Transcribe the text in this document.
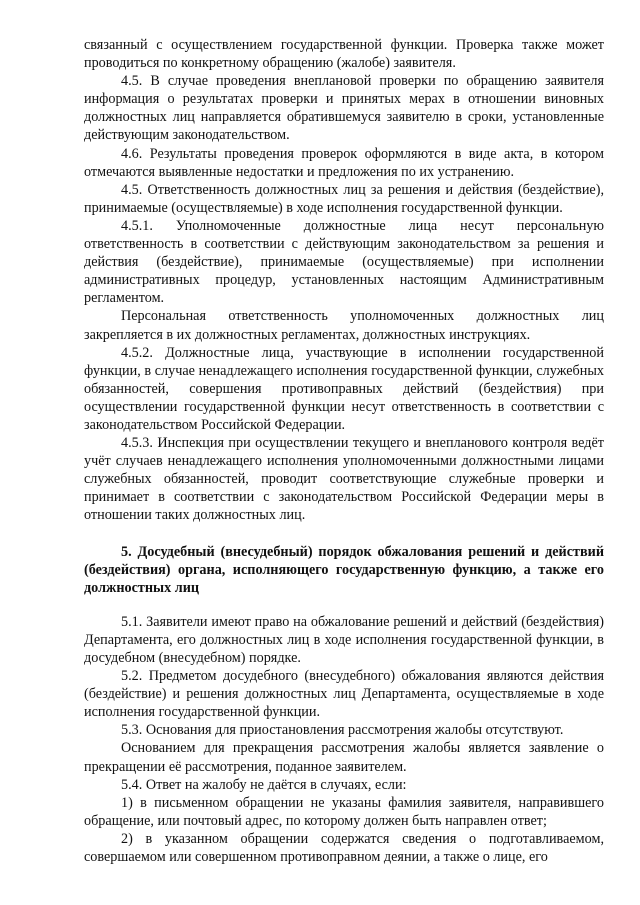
связанный с осуществлением государственной функции. Проверка также может проводиться по конкретному обращению (жалобе) заявителя.

4.5. В случае проведения внеплановой проверки по обращению заявителя информация о результатах проверки и принятых мерах в отношении виновных должностных лиц направляется обратившемуся заявителю в сроки, установленные действующим законодательством.

4.6. Результаты проведения проверок оформляются в виде акта, в котором отмечаются выявленные недостатки и предложения по их устранению.

4.5. Ответственность должностных лиц за решения и действия (бездействие), принимаемые (осуществляемые) в ходе исполнения государственной функции.

4.5.1. Уполномоченные должностные лица несут персональную ответственность в соответствии с действующим законодательством за решения и действия (бездействие), принимаемые (осуществляемые) при исполнении административных процедур, установленных настоящим Административным регламентом.

Персональная ответственность уполномоченных должностных лиц закрепляется в их должностных регламентах, должностных инструкциях.

4.5.2. Должностные лица, участвующие в исполнении государственной функции, в случае ненадлежащего исполнения государственной функции, служебных обязанностей, совершения противоправных действий (бездействия) при осуществлении государственной функции несут ответственность в соответствии с законодательством Российской Федерации.

4.5.3. Инспекция при осуществлении текущего и внепланового контроля ведёт учёт случаев ненадлежащего исполнения уполномоченными должностными лицами служебных обязанностей, проводит соответствующие служебные проверки и принимает в соответствии с законодательством Российской Федерации меры в отношении таких должностных лиц.

5. Досудебный (внесудебный) порядок обжалования решений и действий (бездействия) органа, исполняющего государственную функцию, а также его должностных лиц

5.1. Заявители имеют право на обжалование решений и действий (бездействия) Департамента, его должностных лиц в ходе исполнения государственной функции, в досудебном (внесудебном) порядке.

5.2. Предметом досудебного (внесудебного) обжалования являются действия (бездействие) и решения должностных лиц Департамента, осуществляемые в ходе исполнения государственной функции.

5.3. Основания для приостановления рассмотрения жалобы отсутствуют.

Основанием для прекращения рассмотрения жалобы является заявление о прекращении её рассмотрения, поданное заявителем.

5.4. Ответ на жалобу не даётся в случаях, если:

1) в письменном обращении не указаны фамилия заявителя, направившего обращение, или почтовый адрес, по которому должен быть направлен ответ;

2) в указанном обращении содержатся сведения о подготавливаемом, совершаемом или совершенном противоправном деянии, а также о лице, его
